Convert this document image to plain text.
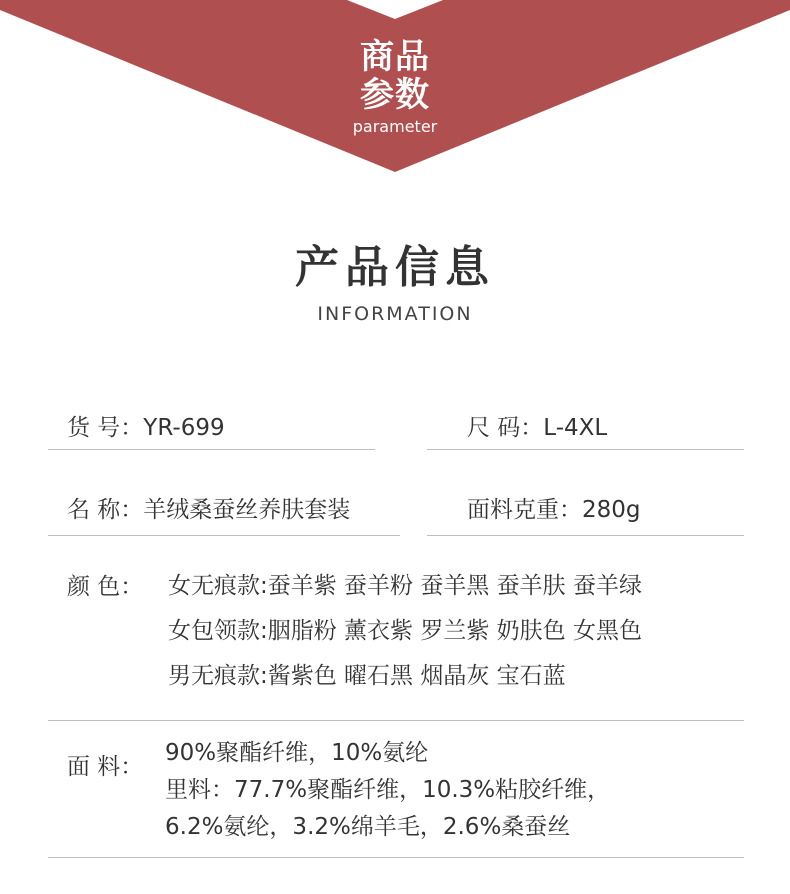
商品
参数
parameter
产品信息
INFORMATION
货 号：YR-699	尺 码：L-4XL
名 称：羊绒桑蚕丝养肤套装	面料克重：280g
颜 色： 女无痕款:蚕羊紫 蚕羊粉 蚕羊黑 蚕羊肤 蚕羊绿
女包领款:胭脂粉 薰衣紫 罗兰紫 奶肤色 女黑色
男无痕款:酱紫色 曜石黑 烟晶灰 宝石蓝
面 料：
90%聚酯纤维，10%氨纶
里料：77.7%聚酯纤维，10.3%粘胶纤维，
6.2%氨纶，3.2%绵羊毛，2.6%桑蚕丝
